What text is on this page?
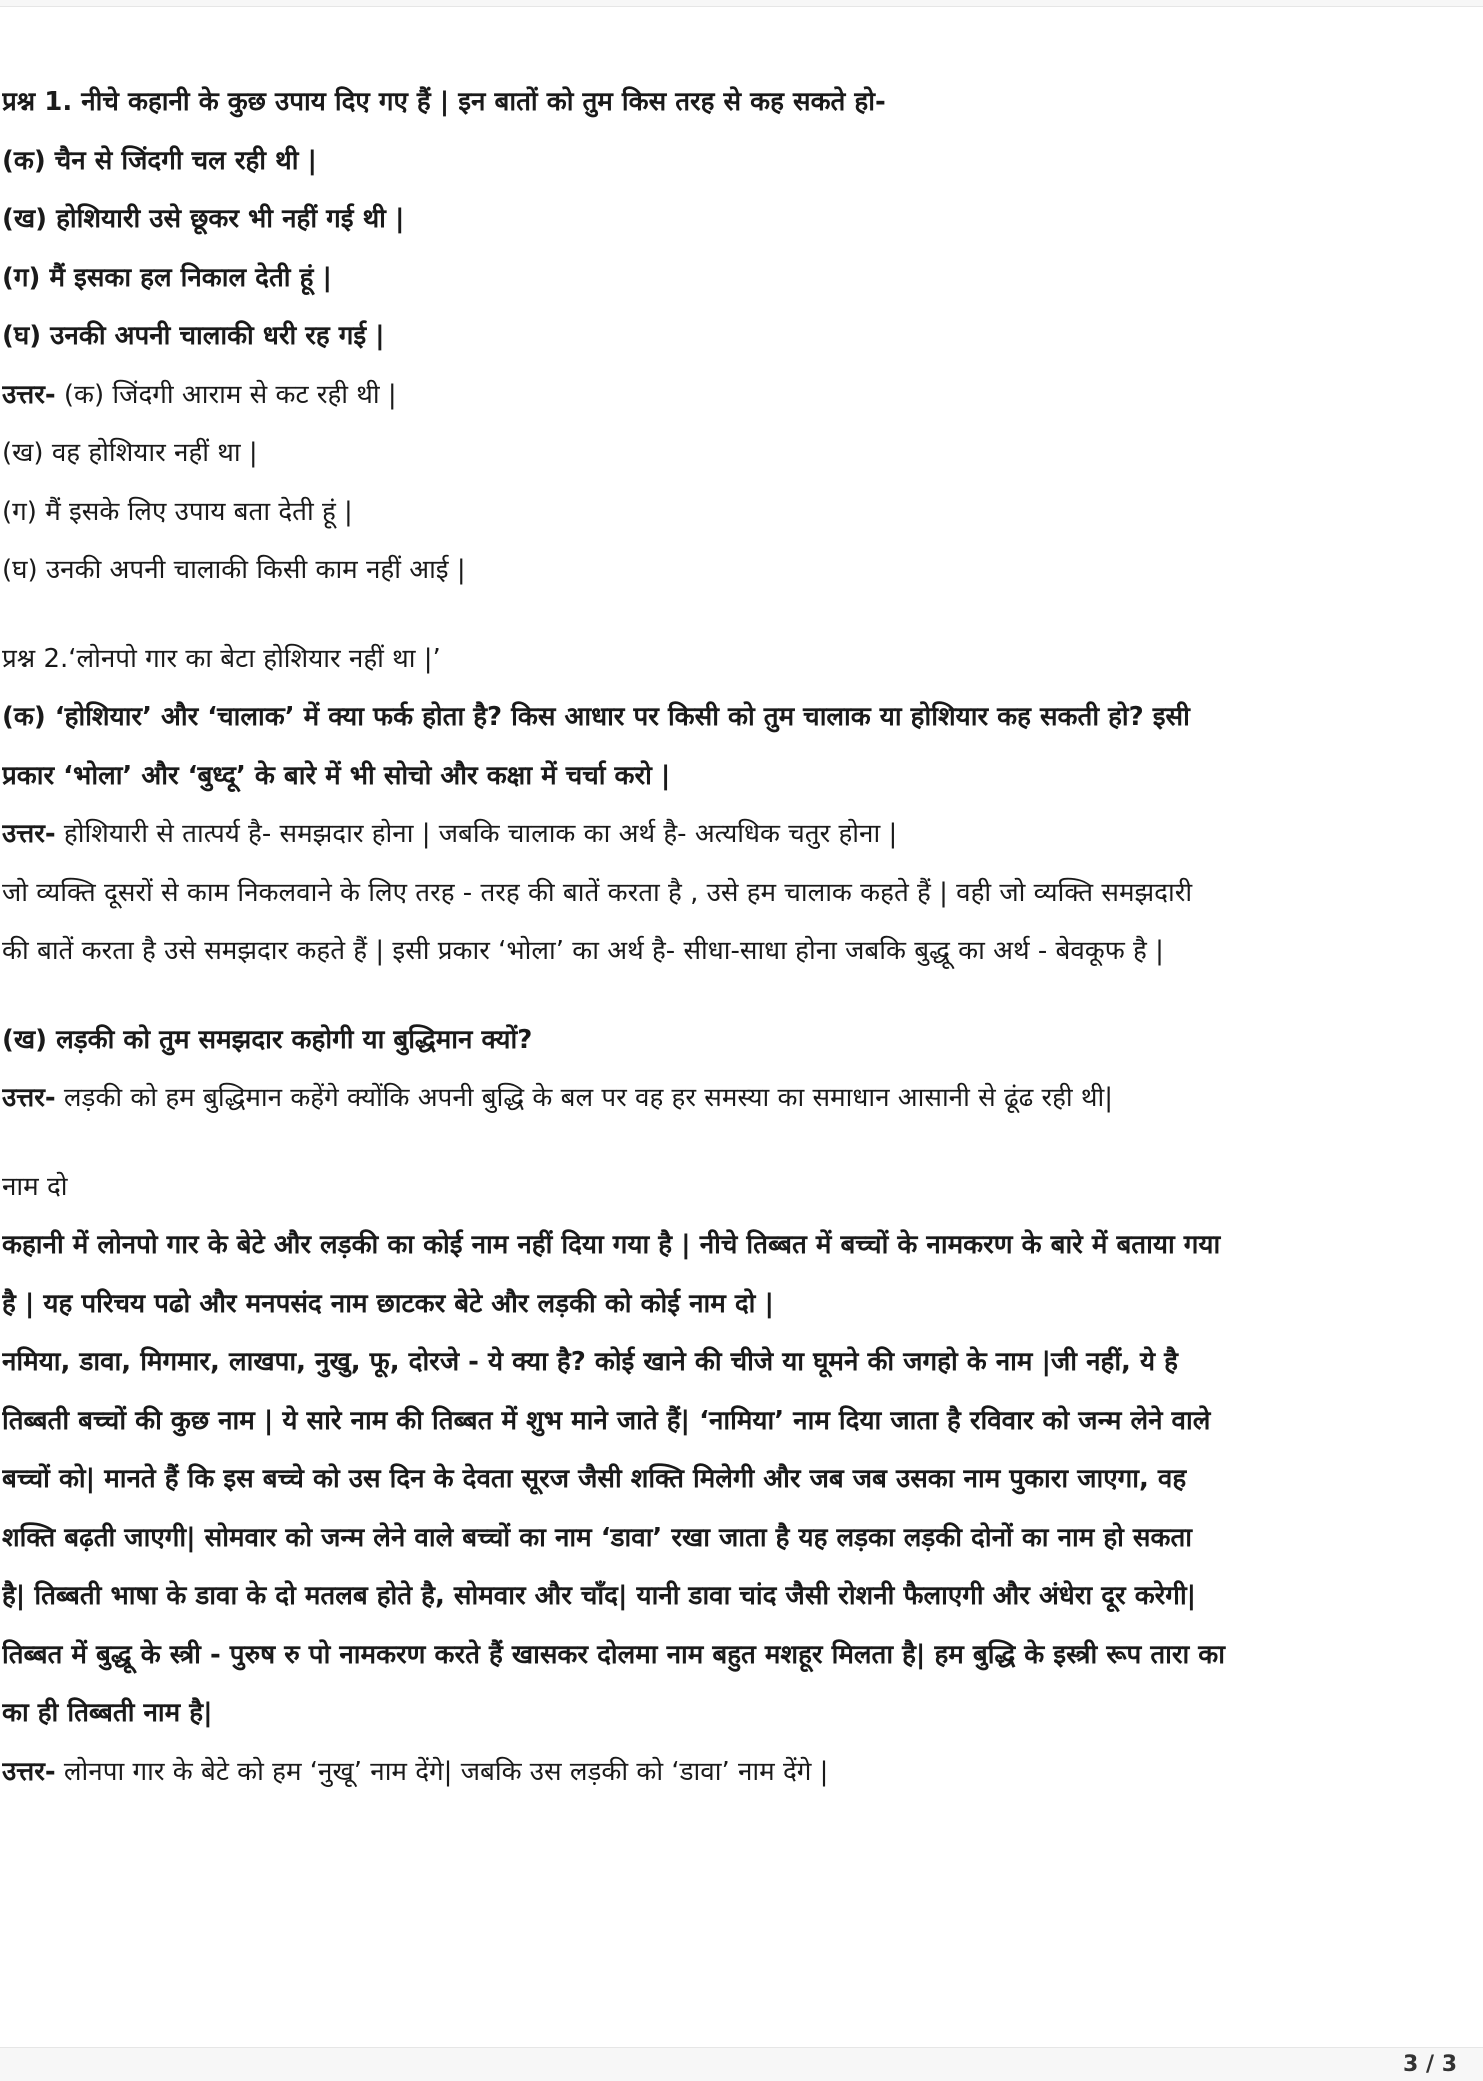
प्रश्न 1. नीचे कहानी के कुछ उपाय दिए गए हैं | इन बातों को तुम किस तरह से कह सकते हो-
(क) चैन से जिंदगी चल रही थी |
(ख) होशियारी उसे छूकर भी नहीं गई थी |
(ग) मैं इसका हल निकाल देती हूं |
(घ) उनकी अपनी चालाकी धरी रह गई |
उत्तर- (क) जिंदगी आराम से कट रही थी |
(ख) वह होशियार नहीं था |
(ग) मैं इसके लिए उपाय बता देती हूं |
(घ) उनकी अपनी चालाकी किसी काम नहीं आई |
प्रश्न 2.‘लोनपो गार का बेटा होशियार नहीं था |’
(क) ‘होशियार’ और ‘चालाक’ में क्या फर्क होता है? किस आधार पर किसी को तुम चालाक या होशियार कह सकती हो? इसी
प्रकार ‘भोला’ और ‘बुध्दू’ के बारे में भी सोचो और कक्षा में चर्चा करो |
उत्तर- होशियारी से तात्पर्य है- समझदार होना | जबकि चालाक का अर्थ है- अत्यधिक चतुर होना |
जो व्यक्ति दूसरों से काम निकलवाने के लिए तरह - तरह की बातें करता है , उसे हम चालाक कहते हैं | वही जो व्यक्ति समझदारी
की बातें करता है उसे समझदार कहते हैं | इसी प्रकार ‘भोला’ का अर्थ है- सीधा-साधा होना जबकि बुद्धू का अर्थ - बेवकूफ है |
(ख) लड़की को तुम समझदार कहोगी या बुद्धिमान क्यों?
उत्तर- लड़की को हम बुद्धिमान कहेंगे क्योंकि अपनी बुद्धि के बल पर वह हर समस्या का समाधान आसानी से ढूंढ रही थी|
नाम दो
कहानी में लोनपो गार के बेटे और लड़की का कोई नाम नहीं दिया गया है | नीचे तिब्बत में बच्चों के नामकरण के बारे में बताया गया
है | यह परिचय पढो और मनपसंद नाम छाटकर बेटे और लड़की को कोई नाम दो |
नमिया, डावा, मिगमार, लाखपा, नुखु, फू, दोरजे - ये क्या है? कोई खाने की चीजे या घूमने की जगहो के नाम |जी नहीं, ये है
तिब्बती बच्चों की कुछ नाम | ये सारे नाम की तिब्बत में शुभ माने जाते हैं| ‘नामिया’ नाम दिया जाता है रविवार को जन्म लेने वाले
बच्चों को| मानते हैं कि इस बच्चे को उस दिन के देवता सूरज जैसी शक्ति मिलेगी और जब जब उसका नाम पुकारा जाएगा, वह
शक्ति बढ़ती जाएगी| सोमवार को जन्म लेने वाले बच्चों का नाम ‘डावा’ रखा जाता है यह लड़का लड़की दोनों का नाम हो सकता
है| तिब्बती भाषा के डावा के दो मतलब होते है, सोमवार और चाँद| यानी डावा चांद जैसी रोशनी फैलाएगी और अंधेरा दूर करेगी|
तिब्बत में बुद्धू के स्त्री - पुरुष रु पो नामकरण करते हैं खासकर दोलमा नाम बहुत मशहूर मिलता है| हम बुद्धि के इस्त्री रूप तारा का
का ही तिब्बती नाम है|
उत्तर- लोनपा गार के बेटे को हम ‘नुखू’ नाम देंगे| जबकि उस लड़की को ‘डावा’ नाम देंगे |
3 / 3
